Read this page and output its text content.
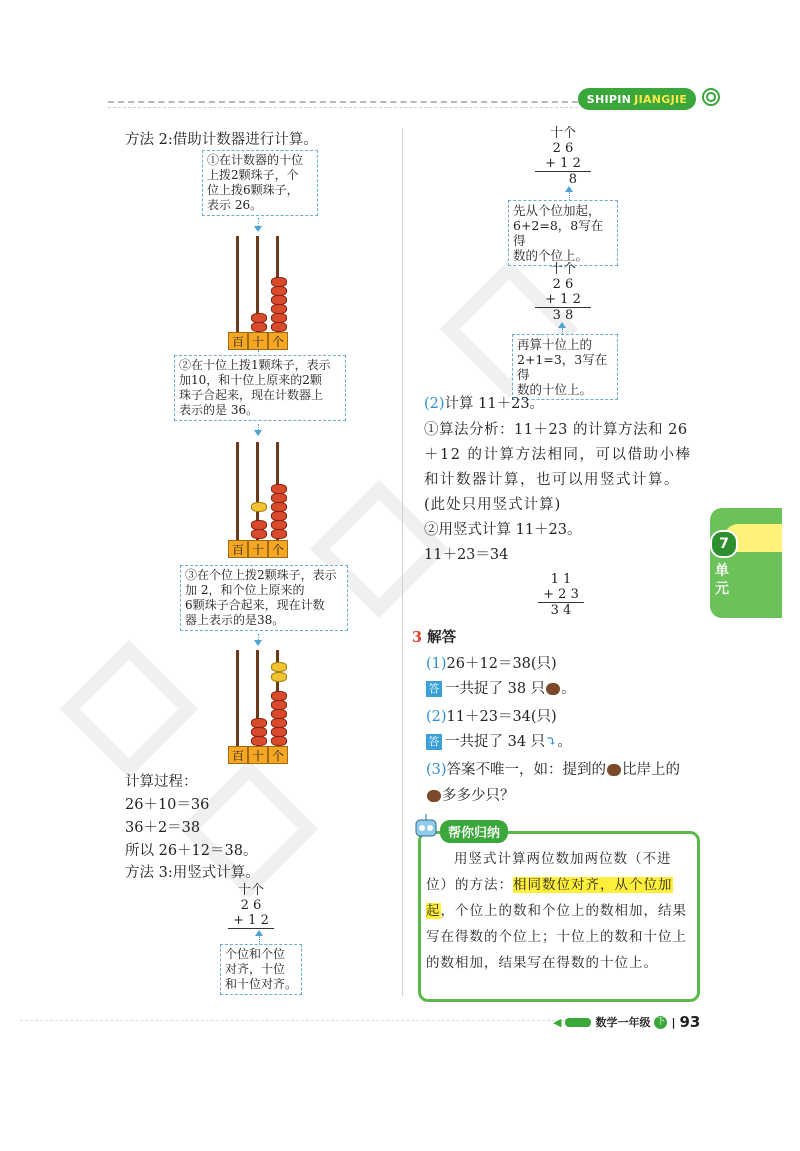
SHIPIN JIANGJIE
方法 2:借助计数器进行计算。
①在计数器的十位
上拨2颗珠子，个
位上拨6颗珠子，
表示 26。
百 十 个
②在十位上拨1颗珠子，表示
加10，和十位上原来的2颗
珠子合起来，现在计数器上
表示的是 36。
百 十 个
③在个位上拨2颗珠子，表示
加 2，和个位上原来的
6颗珠子合起来，现在计数
器上表示的是38。
百 十 个
计算过程：
26＋10＝36
36＋2＝38
所以 26＋12＝38。
方法 3:用竖式计算。
十个
2 6
+ 1 2
个位和个位
对齐，十位
和十位对齐。
十个
2 6
+ 1 2
8
先从个位加起，
6+2=8，8写在得
数的个位上。
十个
2 6
+ 1 2
3 8
再算十位上的
2+1=3，3写在得
数的十位上。
(2)计算 11＋23。
①算法分析：11＋23 的计算方法和 26
＋12 的计算方法相同，可以借助小棒
和计数器计算，也可以用竖式计算。
(此处只用竖式计算)
②用竖式计算 11＋23。
11＋23＝34
1 1
+ 2 3
3 4
3 解答
(1)26＋12＝38(只)
答 一共捉了 38 只 。
(2)11＋23＝34(只)
答 一共捉了 34 只⤵。
(3)答案不唯一，如：提到的 比岸上的
多多少只？
帮你归纳
用竖式计算两位数加两位数（不进位）的方法：相同数位对齐，从个位加起，个位上的数和个位上的数相加，结果写在得数的个位上；十位上的数和十位上的数相加，结果写在得数的十位上。
7
单元
◀	数学一年级 下 | 93
